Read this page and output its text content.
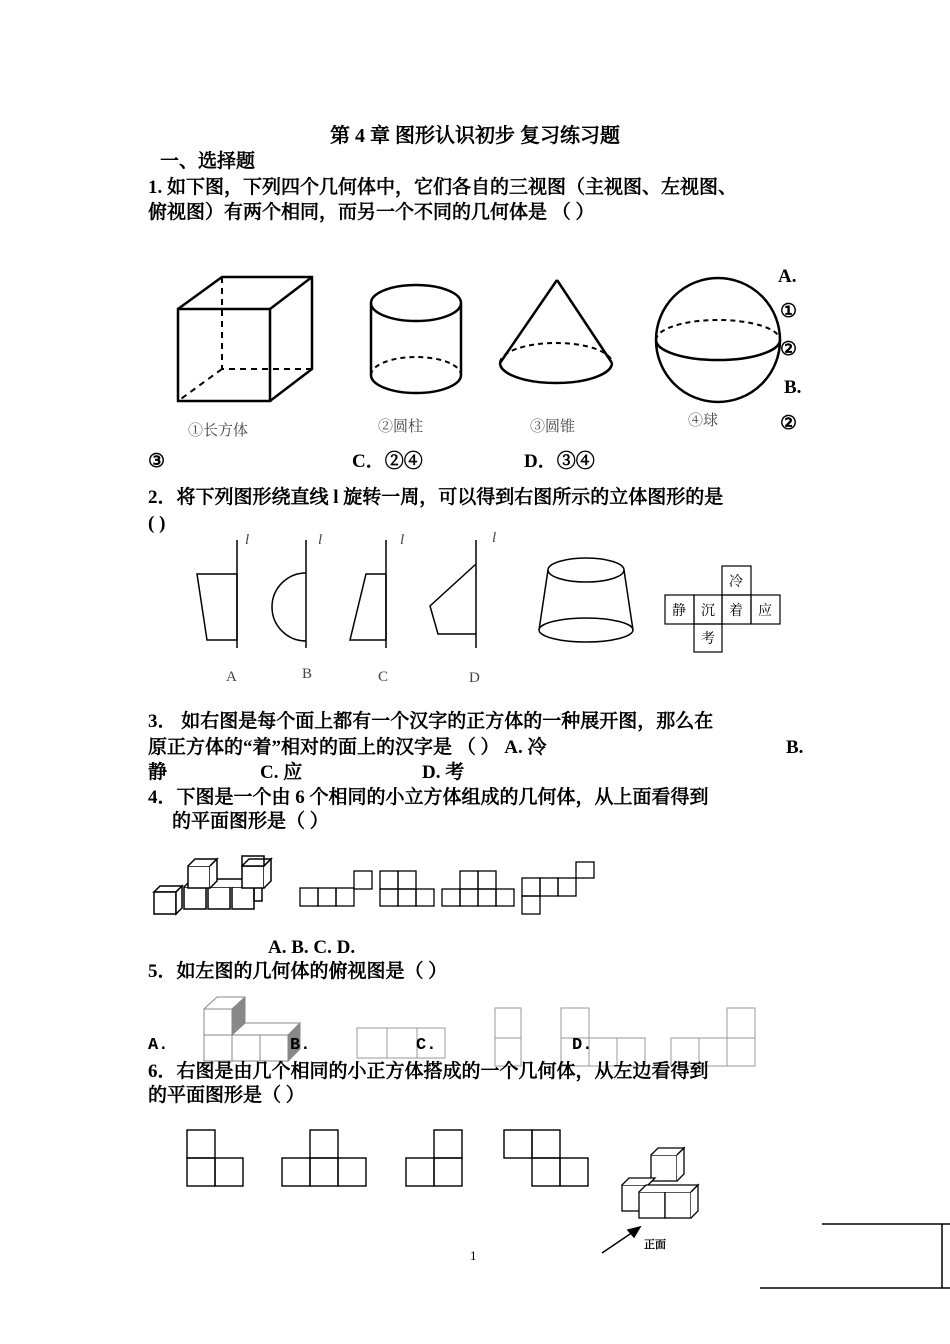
第 4 章 图形认识初步 复习练习题
一、选择题
1. 如下图，下列四个几何体中，它们各自的三视图（主视图、左视图、
俯视图）有两个相同，而另一个不同的几何体是 （ ）
①长方体	②圆柱	③圆锥	④球
A.
①
②
B.
②
③	C．②④	D．③④
2．将下列图形绕直线 l 旋转一周，可以得到右图所示的立体图形的是
( )
l	l	l	l
A	B	C	D
冷
静 沉 着 应
考
3． 如右图是每个面上都有一个汉字的正方体的一种展开图，那么在
原正方体的“着”相对的面上的汉字是 （ ） A. 冷	B.
静	C. 应	D. 考
4．下图是一个由 6 个相同的小立方体组成的几何体，从上面看得到
的平面图形是（ ）
A. B. C. D.
5．如左图的几何体的俯视图是（ ）
A.	B.	C.	D.
6．右图是由几个相同的小正方体搭成的一个几何体，从左边看得到
的平面图形是（ ）
正面
1
